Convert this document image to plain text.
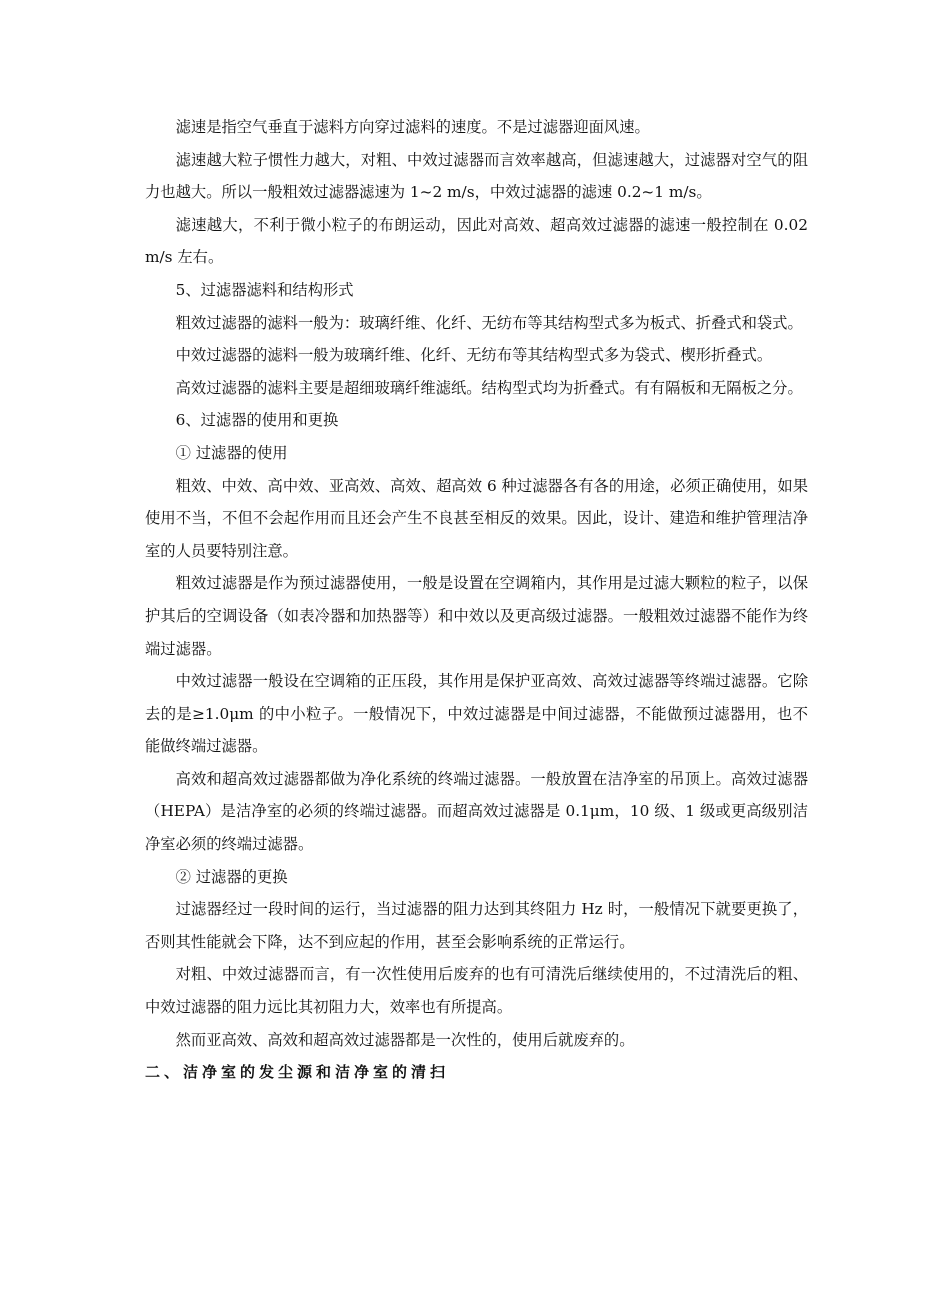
滤速是指空气垂直于滤料方向穿过滤料的速度。不是过滤器迎面风速。

滤速越大粒子惯性力越大，对粗、中效过滤器而言效率越高，但滤速越大，过滤器对空气的阻力也越大。所以一般粗效过滤器滤速为 1~2 m/s，中效过滤器的滤速 0.2~1 m/s。

滤速越大，不利于微小粒子的布朗运动，因此对高效、超高效过滤器的滤速一般控制在 0.02 m/s 左右。

5、过滤器滤料和结构形式

粗效过滤器的滤料一般为：玻璃纤维、化纤、无纺布等其结构型式多为板式、折叠式和袋式。

中效过滤器的滤料一般为玻璃纤维、化纤、无纺布等其结构型式多为袋式、楔形折叠式。

高效过滤器的滤料主要是超细玻璃纤维滤纸。结构型式均为折叠式。有有隔板和无隔板之分。

6、过滤器的使用和更换

① 过滤器的使用

粗效、中效、高中效、亚高效、高效、超高效 6 种过滤器各有各的用途，必须正确使用，如果使用不当，不但不会起作用而且还会产生不良甚至相反的效果。因此，设计、建造和维护管理洁净室的人员要特别注意。

粗效过滤器是作为预过滤器使用，一般是设置在空调箱内，其作用是过滤大颗粒的粒子，以保护其后的空调设备（如表冷器和加热器等）和中效以及更高级过滤器。一般粗效过滤器不能作为终端过滤器。

中效过滤器一般设在空调箱的正压段，其作用是保护亚高效、高效过滤器等终端过滤器。它除去的是≥1.0μm 的中小粒子。一般情况下，中效过滤器是中间过滤器，不能做预过滤器用，也不能做终端过滤器。

高效和超高效过滤器都做为净化系统的终端过滤器。一般放置在洁净室的吊顶上。高效过滤器（HEPA）是洁净室的必须的终端过滤器。而超高效过滤器是 0.1μm，10 级、1 级或更高级别洁净室必须的终端过滤器。

② 过滤器的更换

过滤器经过一段时间的运行，当过滤器的阻力达到其终阻力 Hz 时，一般情况下就要更换了，否则其性能就会下降，达不到应起的作用，甚至会影响系统的正常运行。

对粗、中效过滤器而言，有一次性使用后废弃的也有可清洗后继续使用的，不过清洗后的粗、中效过滤器的阻力远比其初阻力大，效率也有所提高。

然而亚高效、高效和超高效过滤器都是一次性的，使用后就废弃的。

二、洁净室的发尘源和洁净室的清扫
